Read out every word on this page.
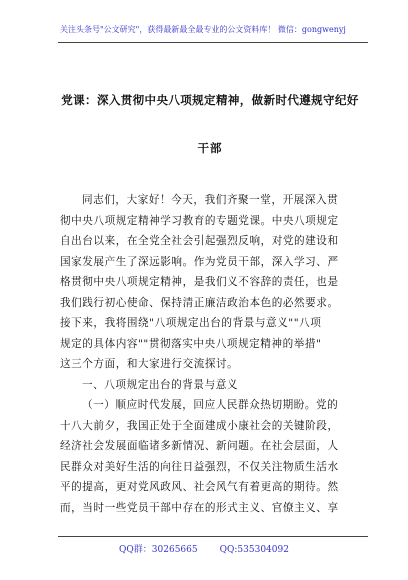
关注头条号"公文研究"，获得最新最全最专业的公文资料库！ 微信：gongwenyj
党课：深入贯彻中央八项规定精神，做新时代遵规守纪好
干部
同志们，大家好！今天，我们齐聚一堂，开展深入贯
彻中央八项规定精神学习教育的专题党课。中央八项规定
自出台以来，在全党全社会引起强烈反响，对党的建设和
国家发展产生了深远影响。作为党员干部，深入学习、严
格贯彻中央八项规定精神，是我们义不容辞的责任，也是
我们践行初心使命、保持清正廉洁政治本色的必然要求。
接下来，我将围绕"八项规定出台的背景与意义""八项
规定的具体内容""贯彻落实中央八项规定精神的举措"
这三个方面，和大家进行交流探讨。
一、八项规定出台的背景与意义
（一）顺应时代发展，回应人民群众热切期盼。党的
十八大前夕，我国正处于全面建成小康社会的关键阶段，
经济社会发展面临诸多新情况、新问题。在社会层面，人
民群众对美好生活的向往日益强烈，不仅关注物质生活水
平的提高，更对党风政风、社会风气有着更高的期待。然
而，当时一些党员干部中存在的形式主义、官僚主义、享
QQ群：30265665 QQ:535304092
